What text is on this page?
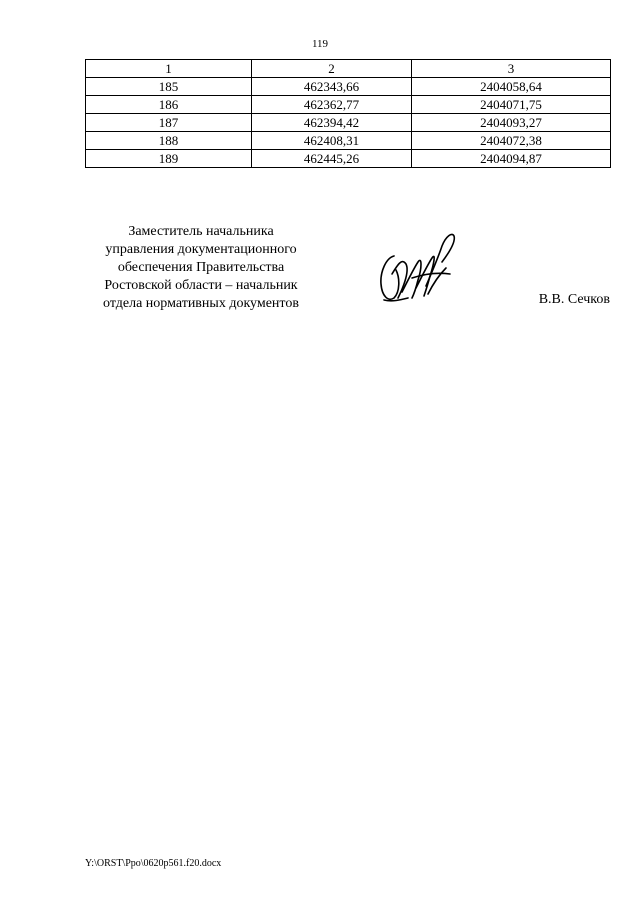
119
1	2	3
185	462343,66	2404058,64
186	462362,77	2404071,75
187	462394,42	2404093,27
188	462408,31	2404072,38
189	462445,26	2404094,87
Заместитель начальника
управления документационного
обеспечения Правительства
Ростовской области – начальник
отдела нормативных документов	В.В. Сечков
Y:\ORST\Ppo\0620p561.f20.docx
